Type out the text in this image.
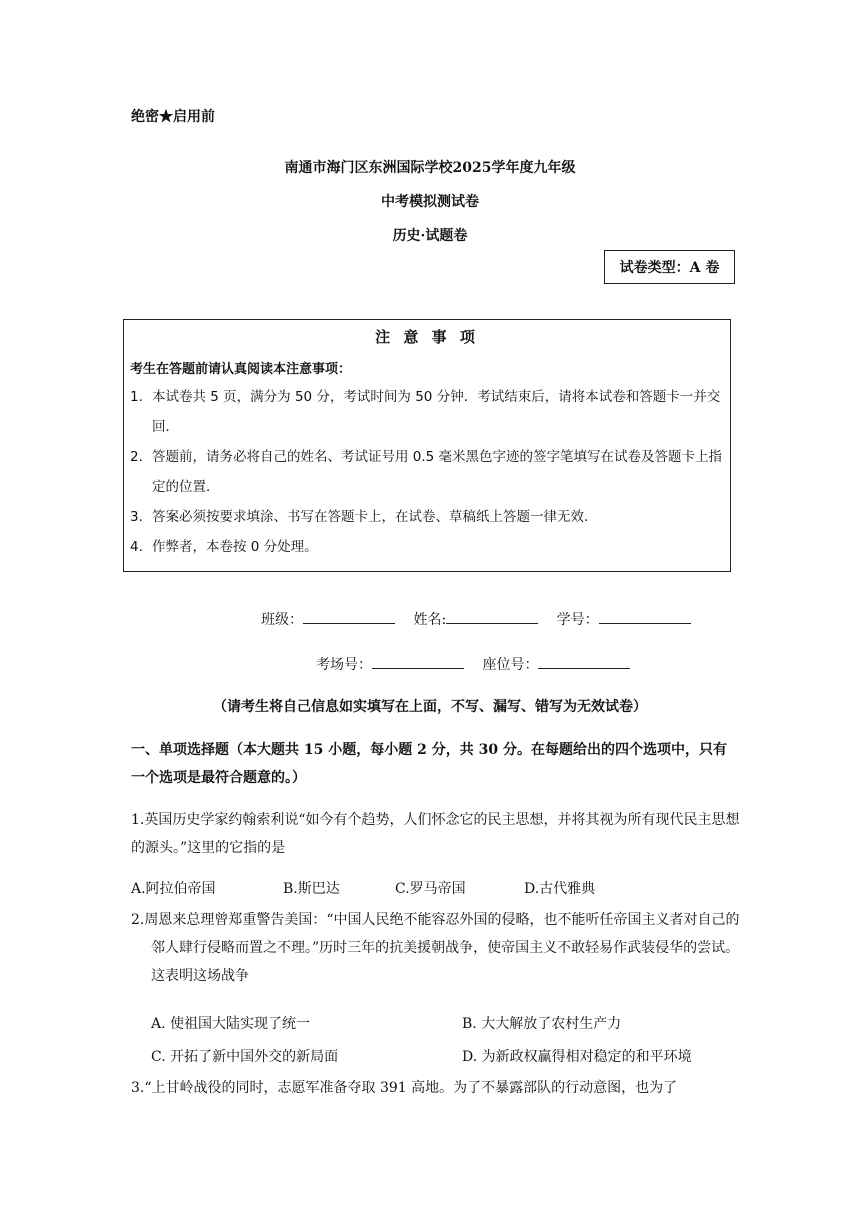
绝密★启用前
南通市海门区东洲国际学校2025学年度九年级
中考模拟测试卷
历史·试题卷
试卷类型：A 卷
注 意 事 项
考生在答题前请认真阅读本注意事项：
1. 本试卷共 5 页，满分为 50 分，考试时间为 50 分钟．考试结束后，请将本试卷和答题卡一并交回．
2. 答题前，请务必将自己的姓名、考试证号用 0.5 毫米黑色字迹的签字笔填写在试卷及答题卡上指定的位置．
3. 答案必须按要求填涂、书写在答题卡上，在试卷、草稿纸上答题一律无效．
4. 作弊者，本卷按 0 分处理。
班级：	姓名:	学号：
考场号：	座位号：
（请考生将自己信息如实填写在上面，不写、漏写、错写为无效试卷）
一、单项选择题（本大题共 15 小题，每小题 2 分，共 30 分。在每题给出的四个选项中，只有一个选项是最符合题意的。）
1.英国历史学家约翰索利说“如今有个趋势，人们怀念它的民主思想，并将其视为所有现代民主思想的源头。”这里的它指的是
A.阿拉伯帝国	B.斯巴达	C.罗马帝国	D.古代雅典
2.周恩来总理曾郑重警告美国：“中国人民绝不能容忍外国的侵略，也不能听任帝国主义者对自己的邻人肆行侵略而置之不理。”历时三年的抗美援朝战争，使帝国主义不敢轻易作武装侵华的尝试。这表明这场战争
A. 使祖国大陆实现了统一	B. 大大解放了农村生产力
C. 开拓了新中国外交的新局面	D. 为新政权赢得相对稳定的和平环境
3.“上甘岭战役的同时，志愿军准备夺取 391 高地。为了不暴露部队的行动意图，也为了
